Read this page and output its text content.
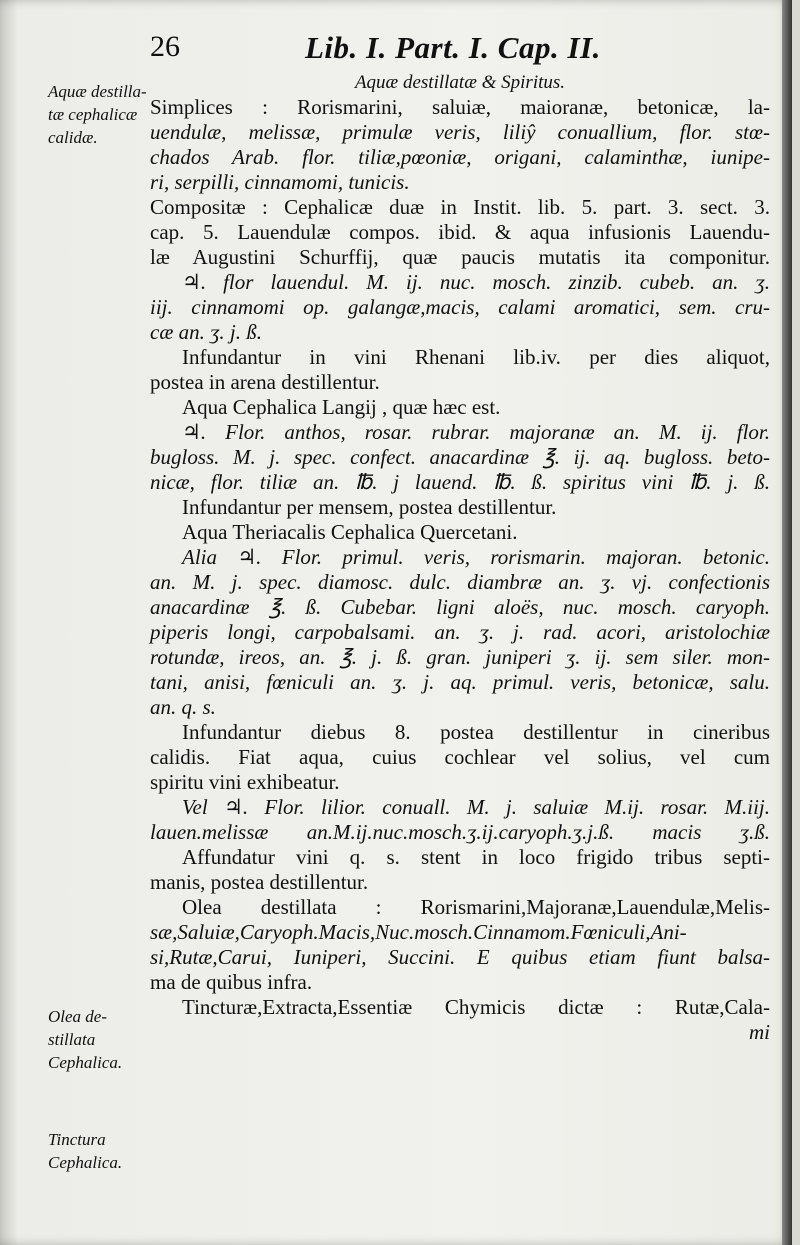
26	Lib. I. Part. I. Cap. II.
Aquæ destillatæ cephalicæ calidæ.
Olea destillata Cephalica.
Tinctura Cephalica.
Aquæ destillatæ & Spiritus.
Simplices : Rorismarini, saluiæ, maioranæ, betonicæ, la-
uendulæ, melissæ, primulæ veris, liliŷ conuallium, flor. stœ-
chados Arab. flor. tiliæ,pœoniæ, origani, calaminthæ, iunipe-
ri, serpilli, cinnamomi, tunicis.
Compositæ : Cephalicæ duæ in Instit. lib. 5. part. 3. sect. 3.
cap. 5. Lauendulæ compos. ibid. & aqua infusionis Lauendu-
læ Augustini Schurffij, quæ paucis mutatis ita componitur.
♃. flor lauendul. M. ij. nuc. mosch. zinzib. cubeb. an. ʒ.
iij. cinnamomi op. galangæ,macis, calami aromatici, sem. cru-
cæ an. ʒ. j. ß.
Infundantur in vini Rhenani lib.iv. per dies aliquot,
postea in arena destillentur.
Aqua Cephalica Langij , quæ hæc est.
♃. Flor. anthos, rosar. rubrar. majoranæ an. M. ij. flor.
bugloss. M. j. spec. confect. anacardinæ ℥. ij. aq. bugloss. beto-
nicæ, flor. tiliæ an. ℔. j lauend. ℔. ß. spiritus vini ℔. j. ß.
Infundantur per mensem, postea destillentur.
Aqua Theriacalis Cephalica Quercetani.
Alia ♃. Flor. primul. veris, rorismarin. majoran. betonic.
an. M. j. spec. diamosc. dulc. diambræ an. ʒ. vj. confectionis
anacardinæ ℥. ß. Cubebar. ligni aloës, nuc. mosch. caryoph.
piperis longi, carpobalsami. an. ʒ. j. rad. acori, aristolochiæ
rotundæ, ireos, an. ℥. j. ß. gran. juniperi ʒ. ij. sem siler. mon-
tani, anisi, fœniculi an. ʒ. j. aq. primul. veris, betonicæ, salu.
an. q. s.
Infundantur diebus 8. postea destillentur in cineribus
calidis. Fiat aqua, cuius cochlear vel solius, vel cum
spiritu vini exhibeatur.
Vel ♃. Flor. lilior. conuall. M. j. saluiæ M.ij. rosar. M.iij.
lauen.melissæ an.M.ij.nuc.mosch.ʒ.ij.caryoph.ʒ.j.ß. macis ʒ.ß.
Affundatur vini q. s. stent in loco frigido tribus septi-
manis, postea destillentur.
Olea destillata : Rorismarini,Majoranæ,Lauendulæ,Melis-
sæ,Saluiæ,Caryoph.Macis,Nuc.mosch.Cinnamom.Fœniculi,Ani-
si,Rutæ,Carui, Iuniperi, Succini. E quibus etiam fiunt balsa-
ma de quibus infra.
Tincturæ,Extracta,Essentiæ Chymicis dictæ : Rutæ,Cala-
mi
